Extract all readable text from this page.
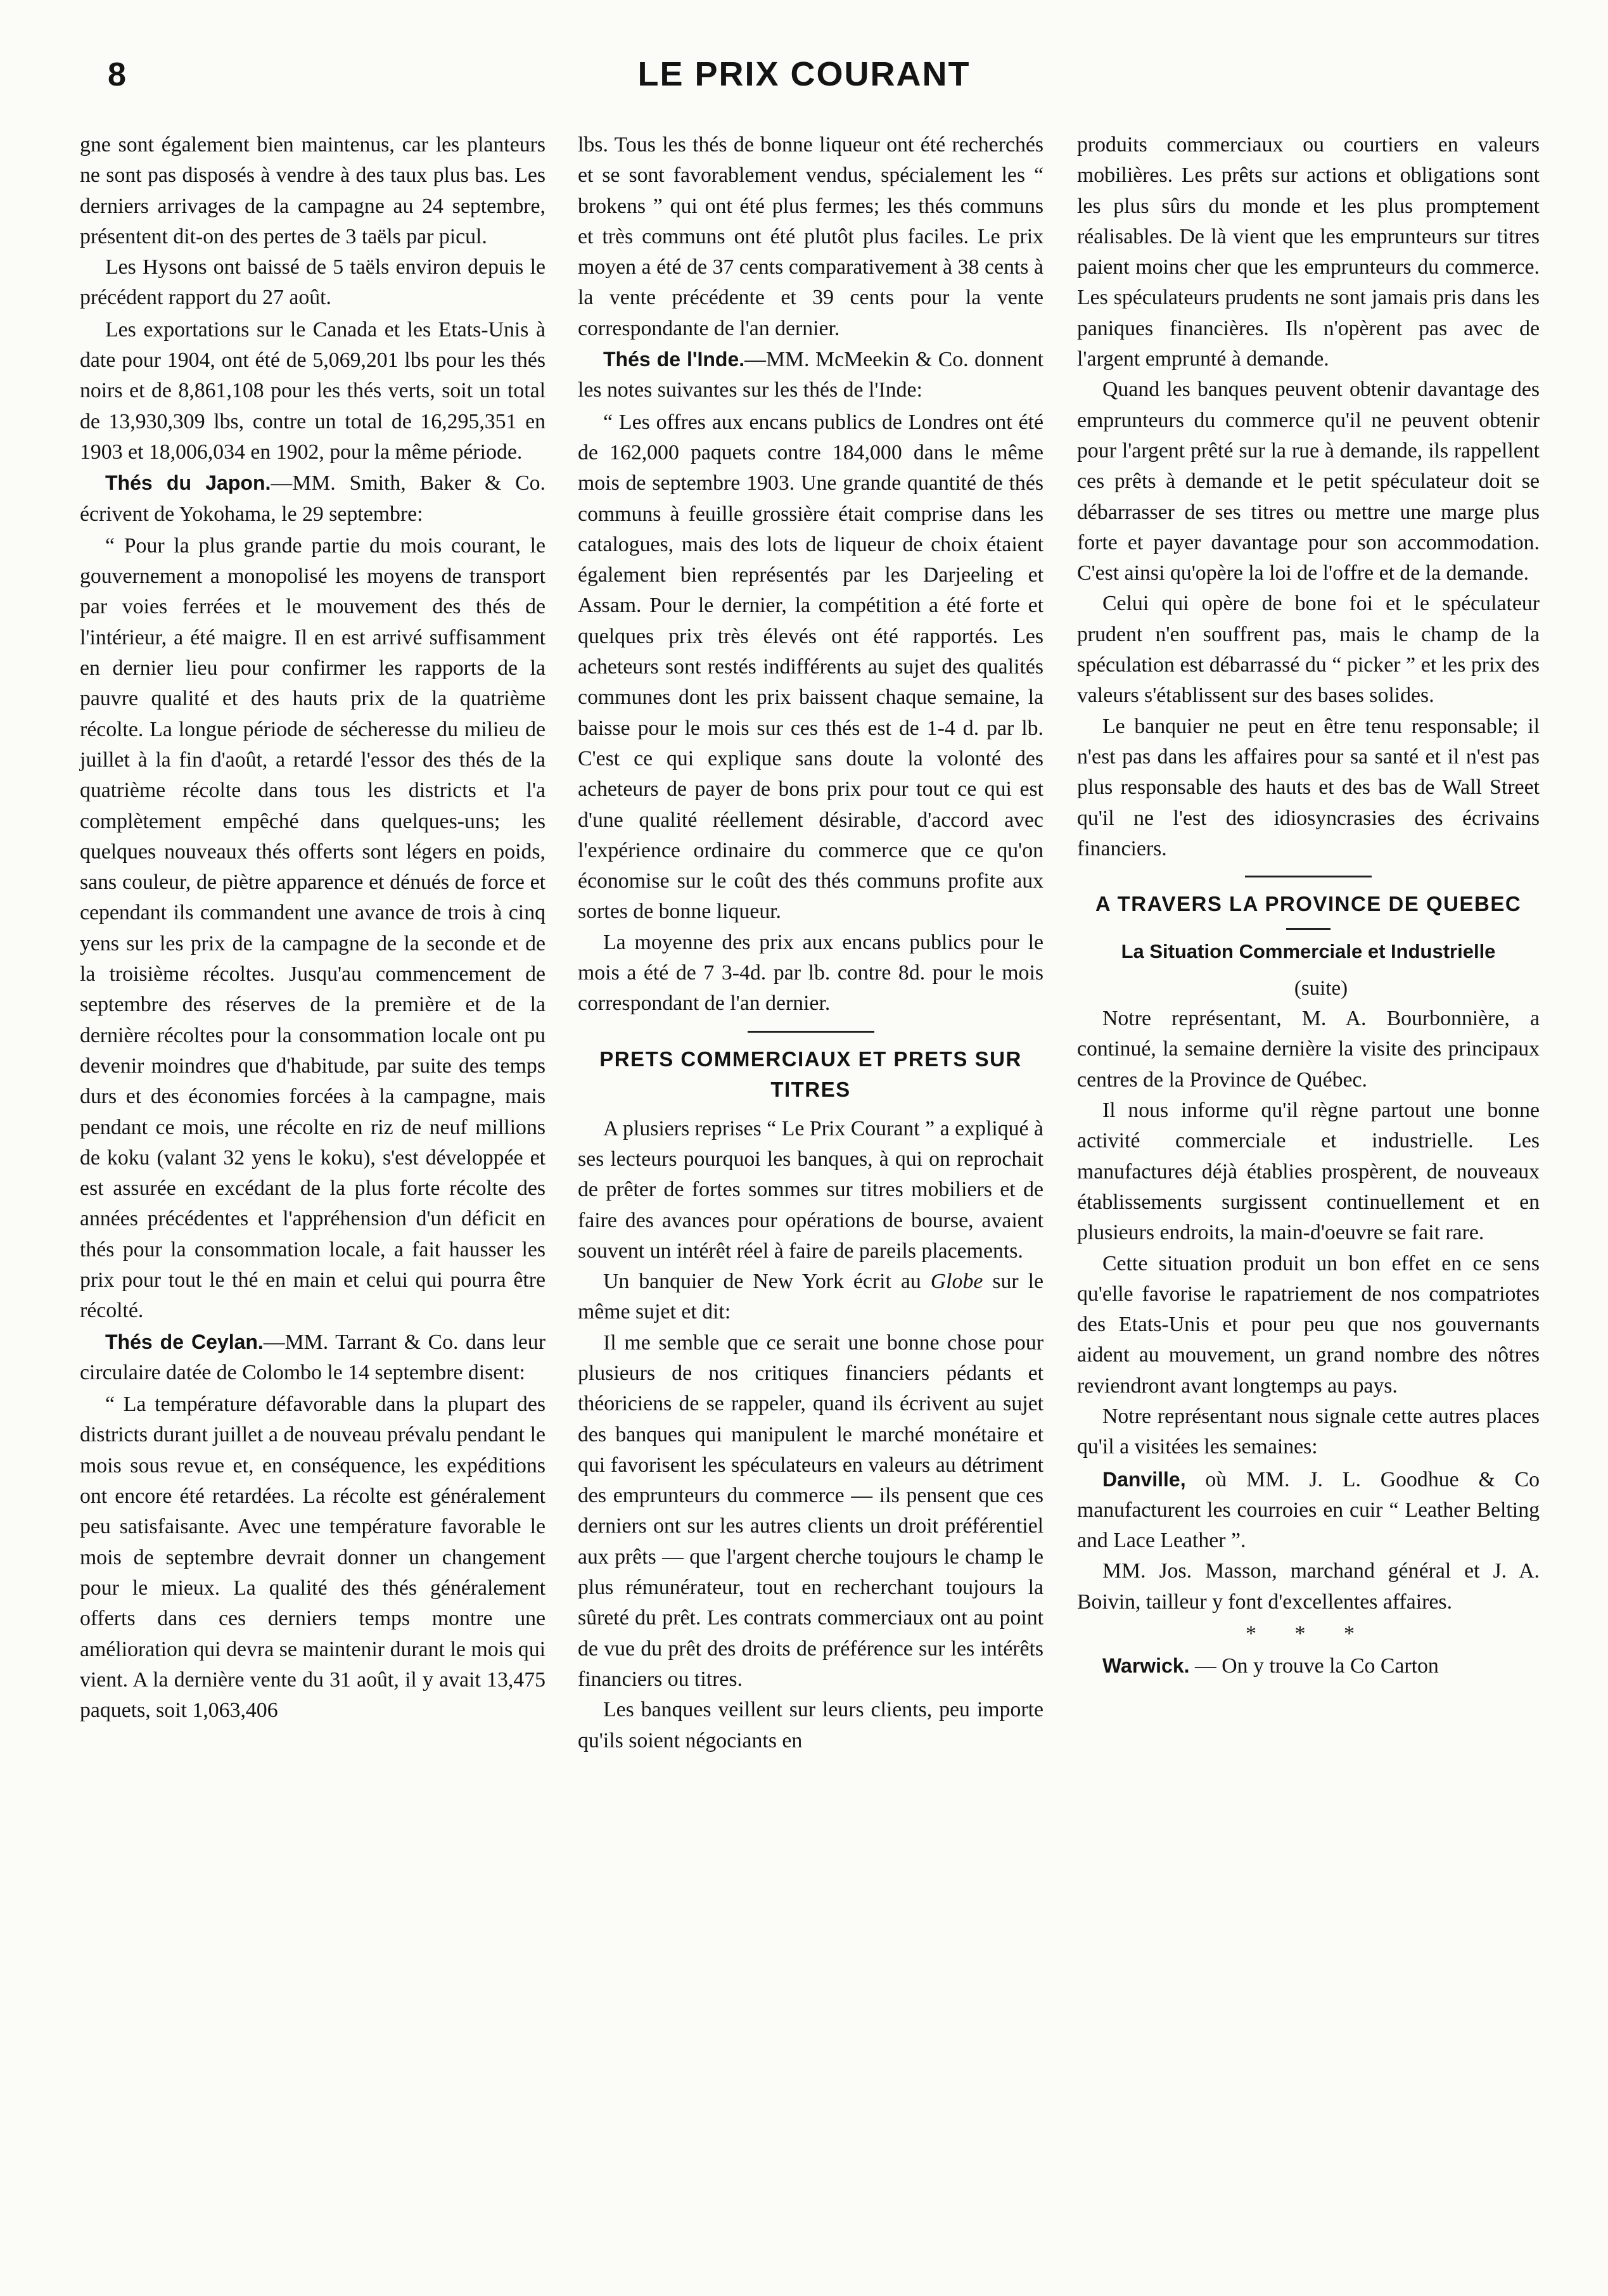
8	LE PRIX COURANT

gne sont également bien maintenus, car les planteurs ne sont pas disposés à vendre à des taux plus bas. Les derniers arrivages de la campagne au 24 septembre, présentent dit-on des pertes de 3 taëls par picul.

Les Hysons ont baissé de 5 taëls environ depuis le précédent rapport du 27 août.

Les exportations sur le Canada et les Etats-Unis à date pour 1904, ont été de 5,069,201 lbs pour les thés noirs et de 8,861,108 pour les thés verts, soit un total de 13,930,309 lbs, contre un total de 16,295,351 en 1903 et 18,006,034 en 1902, pour la même période.

Thés du Japon.—MM. Smith, Baker & Co. écrivent de Yokohama, le 29 septembre:

“ Pour la plus grande partie du mois courant, le gouvernement a monopolisé les moyens de transport par voies ferrées et le mouvement des thés de l'intérieur, a été maigre. Il en est arrivé suffisamment en dernier lieu pour confirmer les rapports de la pauvre qualité et des hauts prix de la quatrième récolte. La longue période de sécheresse du milieu de juillet à la fin d'août, a retardé l'essor des thés de la quatrième récolte dans tous les districts et l'a complètement empêché dans quelques-uns; les quelques nouveaux thés offerts sont légers en poids, sans couleur, de piètre apparence et dénués de force et cependant ils commandent une avance de trois à cinq yens sur les prix de la campagne de la seconde et de la troisième récoltes. Jusqu'au commencement de septembre des réserves de la première et de la dernière récoltes pour la consommation locale ont pu devenir moindres que d'habitude, par suite des temps durs et des économies forcées à la campagne, mais pendant ce mois, une récolte en riz de neuf millions de koku (valant 32 yens le koku), s'est développée et est assurée en excédant de la plus forte récolte des années précédentes et l'appréhension d'un déficit en thés pour la consommation locale, a fait hausser les prix pour tout le thé en main et celui qui pourra être récolté.

Thés de Ceylan.—MM. Tarrant & Co. dans leur circulaire datée de Colombo le 14 septembre disent:

“ La température défavorable dans la plupart des districts durant juillet a de nouveau prévalu pendant le mois sous revue et, en conséquence, les expéditions ont encore été retardées. La récolte est généralement peu satisfaisante. Avec une température favorable le mois de septembre devrait donner un changement pour le mieux. La qualité des thés généralement offerts dans ces derniers temps montre une amélioration qui devra se maintenir durant le mois qui vient. A la dernière vente du 31 août, il y avait 13,475 paquets, soit 1,063,406

lbs. Tous les thés de bonne liqueur ont été recherchés et se sont favorablement vendus, spécialement les “ brokens ” qui ont été plus fermes; les thés communs et très communs ont été plutôt plus faciles. Le prix moyen a été de 37 cents comparativement à 38 cents à la vente précédente et 39 cents pour la vente correspondante de l'an dernier.

Thés de l'Inde.—MM. McMeekin & Co. donnent les notes suivantes sur les thés de l'Inde:

“ Les offres aux encans publics de Londres ont été de 162,000 paquets contre 184,000 dans le même mois de septembre 1903. Une grande quantité de thés communs à feuille grossière était comprise dans les catalogues, mais des lots de liqueur de choix étaient également bien représentés par les Darjeeling et Assam. Pour le dernier, la compétition a été forte et quelques prix très élevés ont été rapportés. Les acheteurs sont restés indifférents au sujet des qualités communes dont les prix baissent chaque semaine, la baisse pour le mois sur ces thés est de 1-4 d. par lb. C'est ce qui explique sans doute la volonté des acheteurs de payer de bons prix pour tout ce qui est d'une qualité réellement désirable, d'accord avec l'expérience ordinaire du commerce que ce qu'on économise sur le coût des thés communs profite aux sortes de bonne liqueur.

La moyenne des prix aux encans publics pour le mois a été de 7 3-4d. par lb. contre 8d. pour le mois correspondant de l'an dernier.

PRETS COMMERCIAUX ET PRETS SUR TITRES

A plusiers reprises “ Le Prix Courant ” a expliqué à ses lecteurs pourquoi les banques, à qui on reprochait de prêter de fortes sommes sur titres mobiliers et de faire des avances pour opérations de bourse, avaient souvent un intérêt réel à faire de pareils placements.

Un banquier de New York écrit au Globe sur le même sujet et dit:

Il me semble que ce serait une bonne chose pour plusieurs de nos critiques financiers pédants et théoriciens de se rappeler, quand ils écrivent au sujet des banques qui manipulent le marché monétaire et qui favorisent les spéculateurs en valeurs au détriment des emprunteurs du commerce — ils pensent que ces derniers ont sur les autres clients un droit préférentiel aux prêts — que l'argent cherche toujours le champ le plus rémunérateur, tout en recherchant toujours la sûreté du prêt. Les contrats commerciaux ont au point de vue du prêt des droits de préférence sur les intérêts financiers ou titres.

Les banques veillent sur leurs clients, peu importe qu'ils soient négociants en

produits commerciaux ou courtiers en valeurs mobilières. Les prêts sur actions et obligations sont les plus sûrs du monde et les plus promptement réalisables. De là vient que les emprunteurs sur titres paient moins cher que les emprunteurs du commerce. Les spéculateurs prudents ne sont jamais pris dans les paniques financières. Ils n'opèrent pas avec de l'argent emprunté à demande.

Quand les banques peuvent obtenir davantage des emprunteurs du commerce qu'il ne peuvent obtenir pour l'argent prêté sur la rue à demande, ils rappellent ces prêts à demande et le petit spéculateur doit se débarrasser de ses titres ou mettre une marge plus forte et payer davantage pour son accommodation. C'est ainsi qu'opère la loi de l'offre et de la demande.

Celui qui opère de bone foi et le spéculateur prudent n'en souffrent pas, mais le champ de la spéculation est débarrassé du “ picker ” et les prix des valeurs s'établissent sur des bases solides.

Le banquier ne peut en être tenu responsable; il n'est pas dans les affaires pour sa santé et il n'est pas plus responsable des hauts et des bas de Wall Street qu'il ne l'est des idiosyncrasies des écrivains financiers.

A TRAVERS LA PROVINCE DE QUEBEC
La Situation Commerciale et Industrielle

(suite)

Notre représentant, M. A. Bourbonnière, a continué, la semaine dernière la visite des principaux centres de la Province de Québec.

Il nous informe qu'il règne partout une bonne activité commerciale et industrielle. Les manufactures déjà établies prospèrent, de nouveaux établissements surgissent continuellement et en plusieurs endroits, la main-d'oeuvre se fait rare.

Cette situation produit un bon effet en ce sens qu'elle favorise le rapatriement de nos compatriotes des Etats-Unis et pour peu que nos gouvernants aident au mouvement, un grand nombre des nôtres reviendront avant longtemps au pays.

Notre représentant nous signale cette autres places qu'il a visitées les semaines:

Danville, où MM. J. L. Goodhue & Co manufacturent les courroies en cuir “ Leather Belting and Lace Leather ”.

MM. Jos. Masson, marchand général et J. A. Boivin, tailleur y font d'excellentes affaires.

* * *

Warwick. — On y trouve la Co Carton
